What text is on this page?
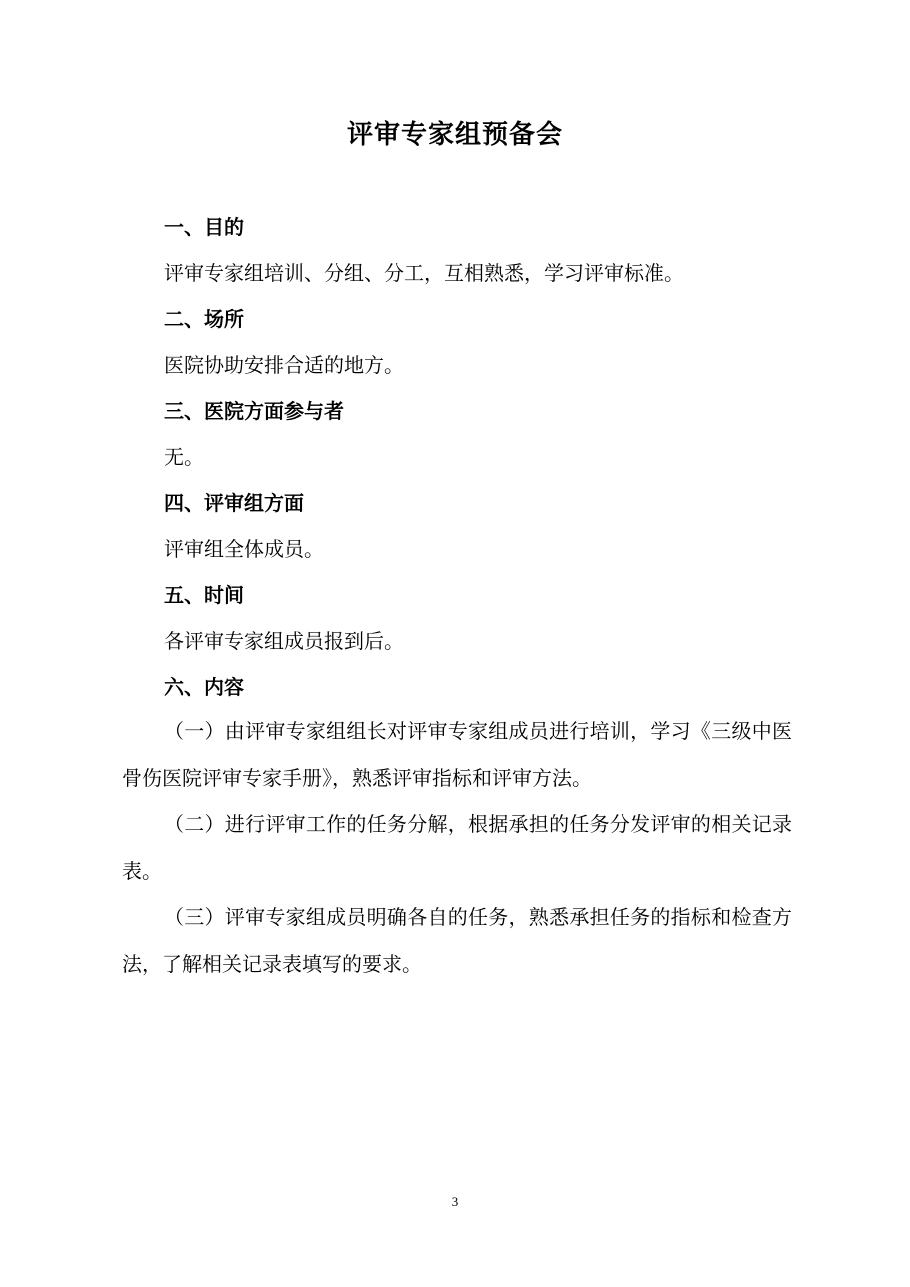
评审专家组预备会
一、目的
评审专家组培训、分组、分工，互相熟悉，学习评审标准。
二、场所
医院协助安排合适的地方。
三、医院方面参与者
无。
四、评审组方面
评审组全体成员。
五、时间
各评审专家组成员报到后。
六、内容
（一）由评审专家组组长对评审专家组成员进行培训，学习《三级中医骨伤医院评审专家手册》，熟悉评审指标和评审方法。
（二）进行评审工作的任务分解，根据承担的任务分发评审的相关记录表。
（三）评审专家组成员明确各自的任务，熟悉承担任务的指标和检查方法，了解相关记录表填写的要求。
3
